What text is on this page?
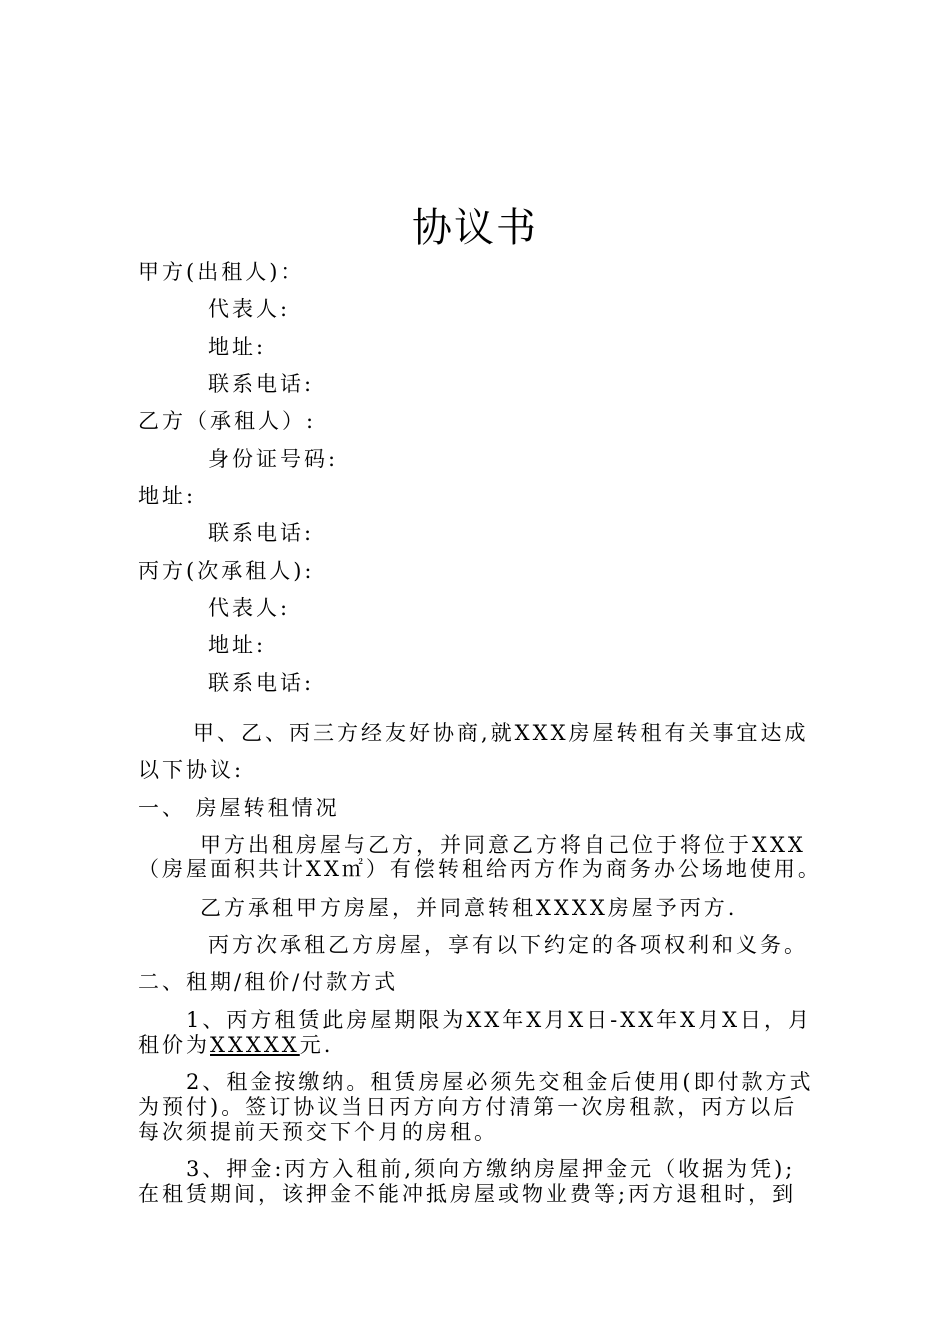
协议书
甲方(出租人)：
代表人:
地址:
联系电话:
乙方（承租人）:
身份证号码:
地址:
联系电话:
丙方(次承租人):
代表人:
地址:
联系电话:
甲、乙、丙三方经友好协商,就XXX房屋转租有关事宜达成
以下协议:
一、 房屋转租情况
甲方出租房屋与乙方，并同意乙方将自己位于将位于XXX
（房屋面积共计XX㎡）有偿转租给丙方作为商务办公场地使用。
乙方承租甲方房屋，并同意转租XXXX房屋予丙方.
丙方次承租乙方房屋，享有以下约定的各项权利和义务。
二、租期/租价/付款方式
1、丙方租赁此房屋期限为XX年X月X日-XX年X月X日，月
租价为XXXXX元.
2、租金按缴纳。租赁房屋必须先交租金后使用(即付款方式
为预付)。签订协议当日丙方向方付清第一次房租款，丙方以后
每次须提前天预交下个月的房租。
3、押金:丙方入租前,须向方缴纳房屋押金元（收据为凭);
在租赁期间，该押金不能冲抵房屋或物业费等;丙方退租时，到
